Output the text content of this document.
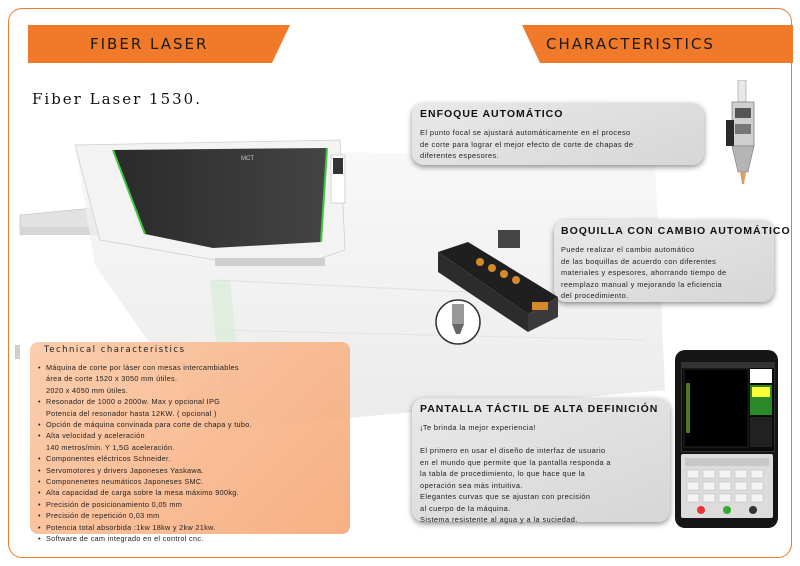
FIBER LASER	CHARACTERISTICS
Fiber Laser 1530.
MCT
ENFOQUE AUTOMÁTICO
El punto focal se ajustará automáticamente en el proceso
de corte para lograr el mejor efecto de corte de chapas de
diferentes espesores.
BOQUILLA CON CAMBIO AUTOMÁTICO
Puede realizar el cambio automático
de las boquillas de acuerdo con diferentes
materiales y espesores, ahorrando tiempo de
reemplazo manual y mejorando la eficiencia
del procedimiento.
PANTALLA TÁCTIL DE ALTA DEFINICIÓN
¡Te brinda la mejor experiencia!

El primero en usar el diseño de interfaz de usuario
en el mundo que permite que la pantalla responda a
la tabla de procedimiento, lo que hace que la
operación sea más intuitiva.
Elegantes curvas que se ajustan con precisión
al cuerpo de la máquina.
Sistema resistente al agua y a la suciedad.
Technical characteristics
• Máquina de corte por láser con mesas intercambiables
área de corte 1520 x 3050 mm útiles.
2020 x 4050 mm útiles.
• Resonador de 1000 o 2000w. Max y opcional IPG
Potencia del resonador hasta 12KW. ( opcional )
• Opción de máquina convinada para corte de chapa y tubo.
• Alta velocidad y aceleración
140 metros/min. Y 1,5G aceleración.
• Componentes eléctricos Schneider.
• Servomotores y drivers Japoneses Yaskawa.
• Componenetes neumáticos Japoneses SMC.
• Alta capacidad de carga sobre la mesa máximo 900kg.
• Precisión de posicionamiento 0,05 mm
• Precisión de repetición 0,03 mm
• Potencia total absorbida :1kw 18kw y 2kw 21kw.
• Software de cam integrado en el control cnc.
